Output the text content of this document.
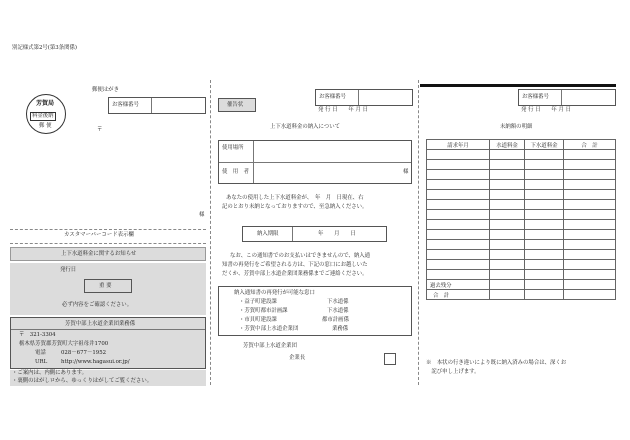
別記様式第2号(第3条関係)
郵便はがき
芳賀局
料金後納
郵 便
お客様番号
〒
様
カスタマーバーコード表示欄
上下水道料金に関するお知らせ
発行日
重 要
必ず内容をご確認ください。
芳賀中部上水道企業団業務係
〒　321-3304
栃木県芳賀郡芳賀町大字祖母井1700
電話	028－677－1952
URL	http://www.hagasui.or.jp/
・ご案内は、内側にあります。
・裏側のはがしロから、ゆっくりはがしてご覧ください。
お客様番号
発 行 日　　年 月 日
催告状
上下水道料金の納入について
使用場所
使　用　者	様
あなたの使用した上下水道料金が、　年　月　日現在、右
記のとおり未納となっておりますので、至急納入ください。
納入期限	年　　月　　日
なお、この通知書でのお支払いはできませんので、納入通
知書の再発行をご希望される方は、下記の窓口にお越しいた
だくか、芳賀中部上水道企業団業務係までご連絡ください。
納入通知書の再発行が可能な窓口
・益子町建設課	下水道係
・芳賀町都市計画課	下水道係
・市貝町建設課	都市計画係
・芳賀中部上水道企業団	業務係
芳賀中部上水道企業団
企業長
お客様番号
発 行 日　　年 月 日
未納額の明細
請求年月	水道料金	下水道料金	合　計

過去残分			
合　計			
※　本状の行き違いにより既に納入済みの場合は、深くお
　詫び申し上げます。
